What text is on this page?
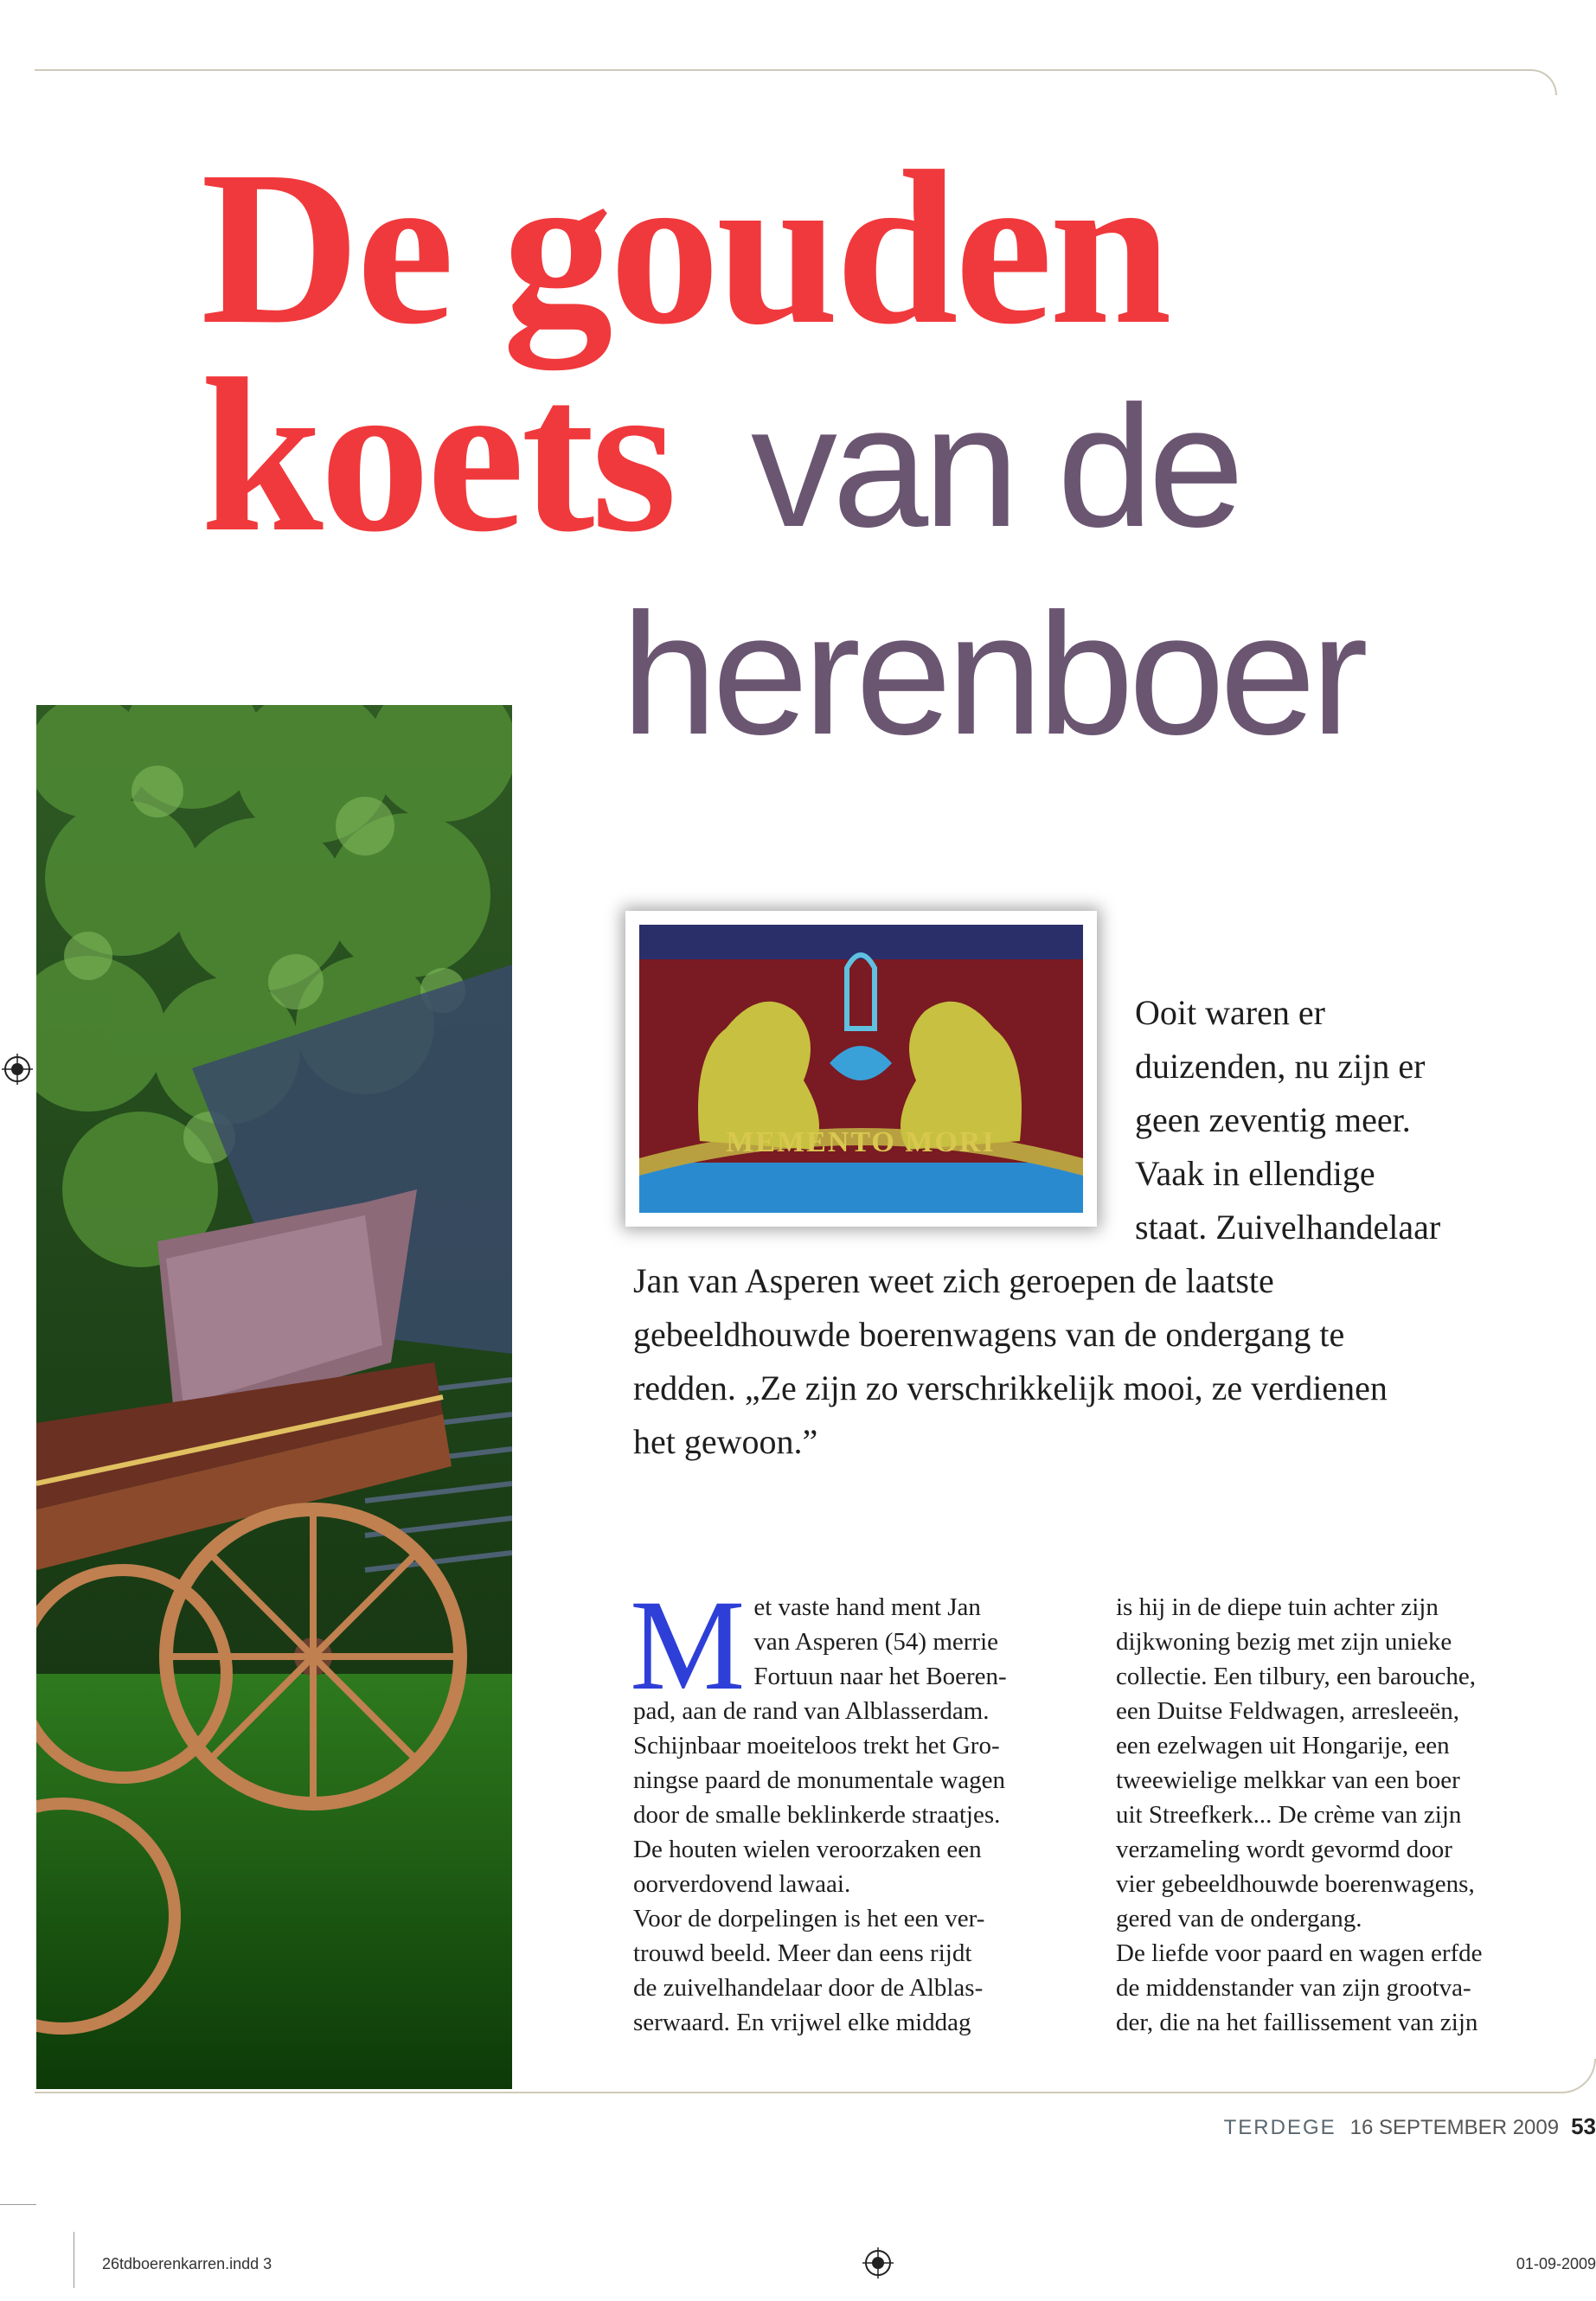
De gouden
koets van de
herenboer
MEMENTO MORI
Ooit waren er
duizenden, nu zijn er
geen zeventig meer.
Vaak in ellendige
staat. Zuivelhandelaar
Jan van Asperen weet zich geroepen de laatste
gebeeldhouwde boerenwagens van de ondergang te
redden. „Ze zijn zo verschrikkelijk mooi, ze verdienen
het gewoon.”
M et vaste hand ment Jan

van Asperen (54) merrie

Fortuun naar het Boeren-

pad, aan de rand van Alblasserdam.

Schijnbaar moeiteloos trekt het Gro-

ningse paard de monumentale wagen

door de smalle beklinkerde straatjes.

De houten wielen veroorzaken een

oorverdovend lawaai.

Voor de dorpelingen is het een ver-

trouwd beeld. Meer dan eens rijdt

de zuivelhandelaar door de Alblas-

serwaard. En vrijwel elke middag

is hij in de diepe tuin achter zijn

dijkwoning bezig met zijn unieke

collectie. Een tilbury, een barouche,

een Duitse Feldwagen, arresleeën,

een ezelwagen uit Hongarije, een

tweewielige melkkar van een boer

uit Streefkerk... De crème van zijn

verzameling wordt gevormd door

vier gebeeldhouwde boerenwagens,

gered van de ondergang.

De liefde voor paard en wagen erfde

de middenstander van zijn grootva-

der, die na het faillissement van zijn

TERDEGE 16 SEPTEMBER 2009 53
26tdboerenkarren.indd 3	01-09-2009
